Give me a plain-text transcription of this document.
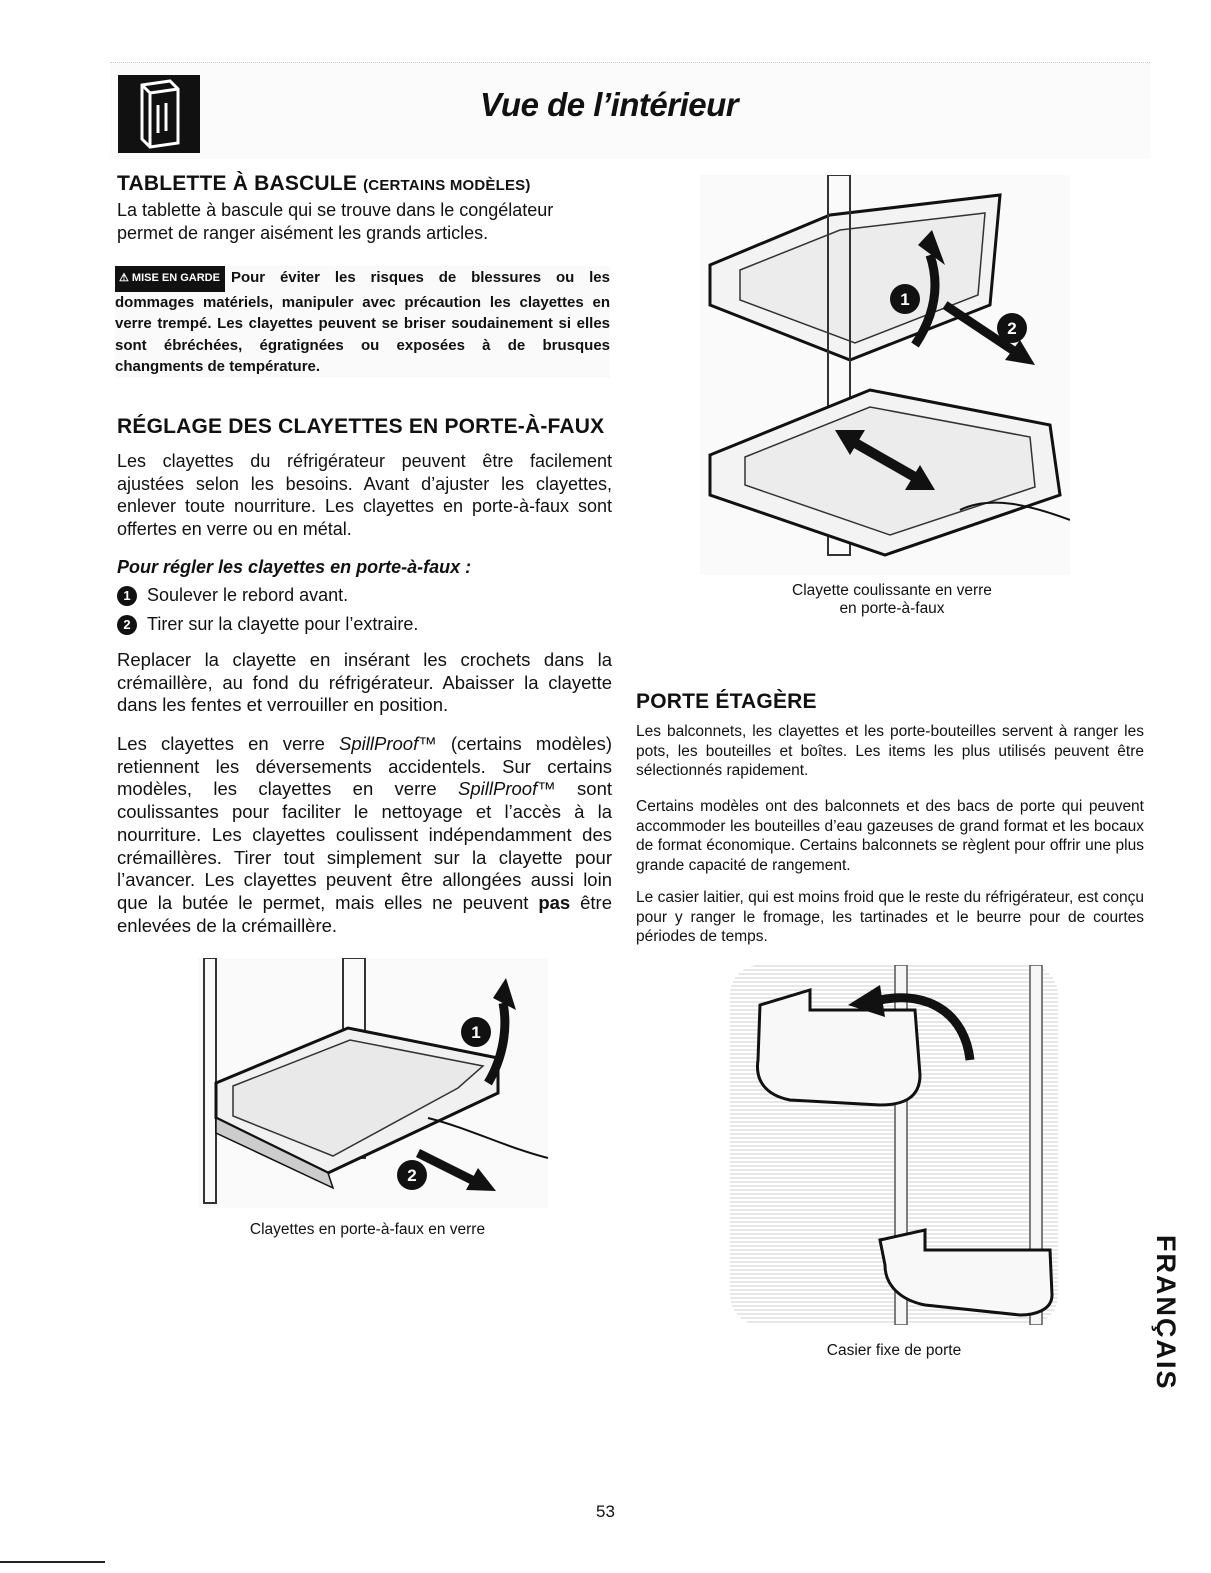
Vue de l’intérieur
TABLETTE À BASCULE (CERTAINS MODÈLES)

La tablette à bascule qui se trouve dans le congélateur permet de ranger aisément les grands articles.

⚠ MISE EN GARDE Pour éviter les risques de blessures ou les dommages matériels, manipuler avec précaution les clayettes en verre trempé. Les clayettes peuvent se briser soudainement si elles sont ébréchées, égratignées ou exposées à de brusques changments de température.
RÉGLAGE DES CLAYETTES EN PORTE-À-FAUX

Les clayettes du réfrigérateur peuvent être facilement ajustées selon les besoins. Avant d’ajuster les clayettes, enlever toute nourriture. Les clayettes en porte-à-faux sont offertes en verre ou en métal.

Pour régler les clayettes en porte-à-faux :

1 Soulever le rebord avant.
2 Tirer sur la clayette pour l’extraire.

Replacer la clayette en insérant les crochets dans la crémaillère, au fond du réfrigérateur. Abaisser la clayette dans les fentes et verrouiller en position.

Les clayettes en verre SpillProof™ (certains modèles) retiennent les déversements accidentels. Sur certains modèles, les clayettes en verre SpillProof™ sont coulissantes pour faciliter le nettoyage et l’accès à la nourriture. Les clayettes coulissent indépendamment des crémaillères. Tirer tout simplement sur la clayette pour l’avancer. Les clayettes peuvent être allongées aussi loin que la butée le permet, mais elles ne peuvent pas être enlevées de la crémaillère.

1
2
Clayette coulissante en verre
en porte-à-faux
PORTE ÉTAGÈRE

Les balconnets, les clayettes et les porte-bouteilles servent à ranger les pots, les bouteilles et boîtes. Les items les plus utilisés peuvent être sélectionnés rapidement.

Certains modèles ont des balconnets et des bacs de porte qui peuvent accommoder les bouteilles d’eau gazeuses de grand format et les bocaux de format économique. Certains balconnets se règlent pour offrir une plus grande capacité de rangement.

Le casier laitier, qui est moins froid que le reste du réfrigérateur, est conçu pour y ranger le fromage, les tartinades et le beurre pour de courtes périodes de temps.

1
2
Clayettes en porte-à-faux en verre
Casier fixe de porte	FRANÇAIS
53
